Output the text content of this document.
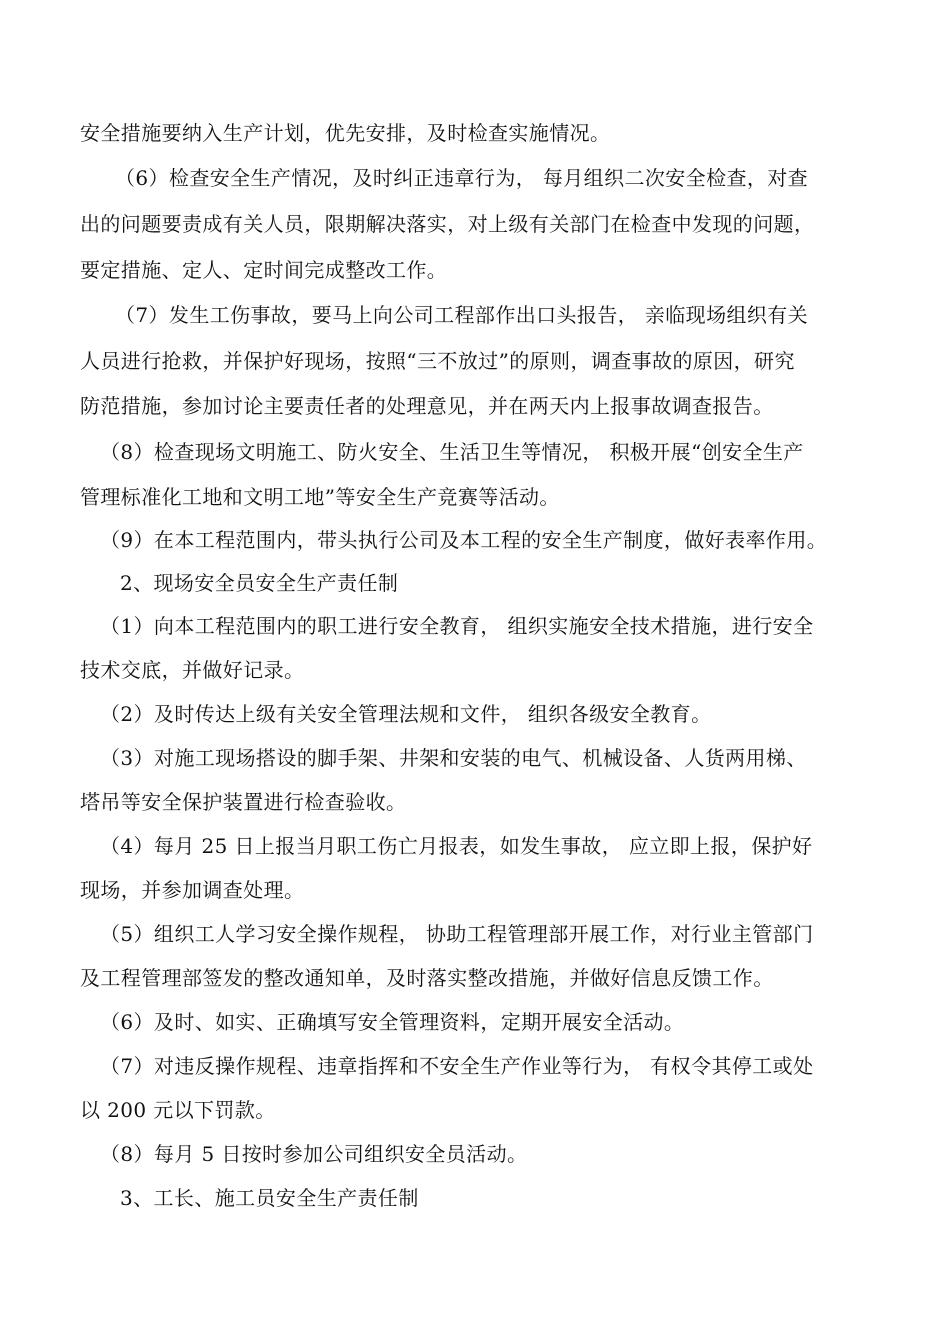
安全措施要纳入生产计划，优先安排，及时检查实施情况。
（6）检查安全生产情况，及时纠正违章行为， 每月组织二次安全检查，对查
出的问题要责成有关人员，限期解决落实，对上级有关部门在检查中发现的问题，
要定措施、定人、定时间完成整改工作。
（7）发生工伤事故，要马上向公司工程部作出口头报告， 亲临现场组织有关
人员进行抢救，并保护好现场，按照“三不放过”的原则，调查事故的原因，研究
防范措施，参加讨论主要责任者的处理意见，并在两天内上报事故调查报告。
（8）检查现场文明施工、防火安全、生活卫生等情况， 积极开展“创安全生产
管理标准化工地和文明工地”等安全生产竞赛等活动。
（9）在本工程范围内，带头执行公司及本工程的安全生产制度，做好表率作用。
2、现场安全员安全生产责任制
（1）向本工程范围内的职工进行安全教育， 组织实施安全技术措施，进行安全
技术交底，并做好记录。
（2）及时传达上级有关安全管理法规和文件， 组织各级安全教育。
（3）对施工现场搭设的脚手架、井架和安装的电气、机械设备、人货两用梯、
塔吊等安全保护装置进行检查验收。
（4）每月 25 日上报当月职工伤亡月报表，如发生事故， 应立即上报，保护好
现场，并参加调查处理。
（5）组织工人学习安全操作规程， 协助工程管理部开展工作，对行业主管部门
及工程管理部签发的整改通知单，及时落实整改措施，并做好信息反馈工作。
（6）及时、如实、正确填写安全管理资料，定期开展安全活动。
（7）对违反操作规程、违章指挥和不安全生产作业等行为， 有权令其停工或处
以 200 元以下罚款。
（8）每月 5 日按时参加公司组织安全员活动。
3、工长、施工员安全生产责任制
